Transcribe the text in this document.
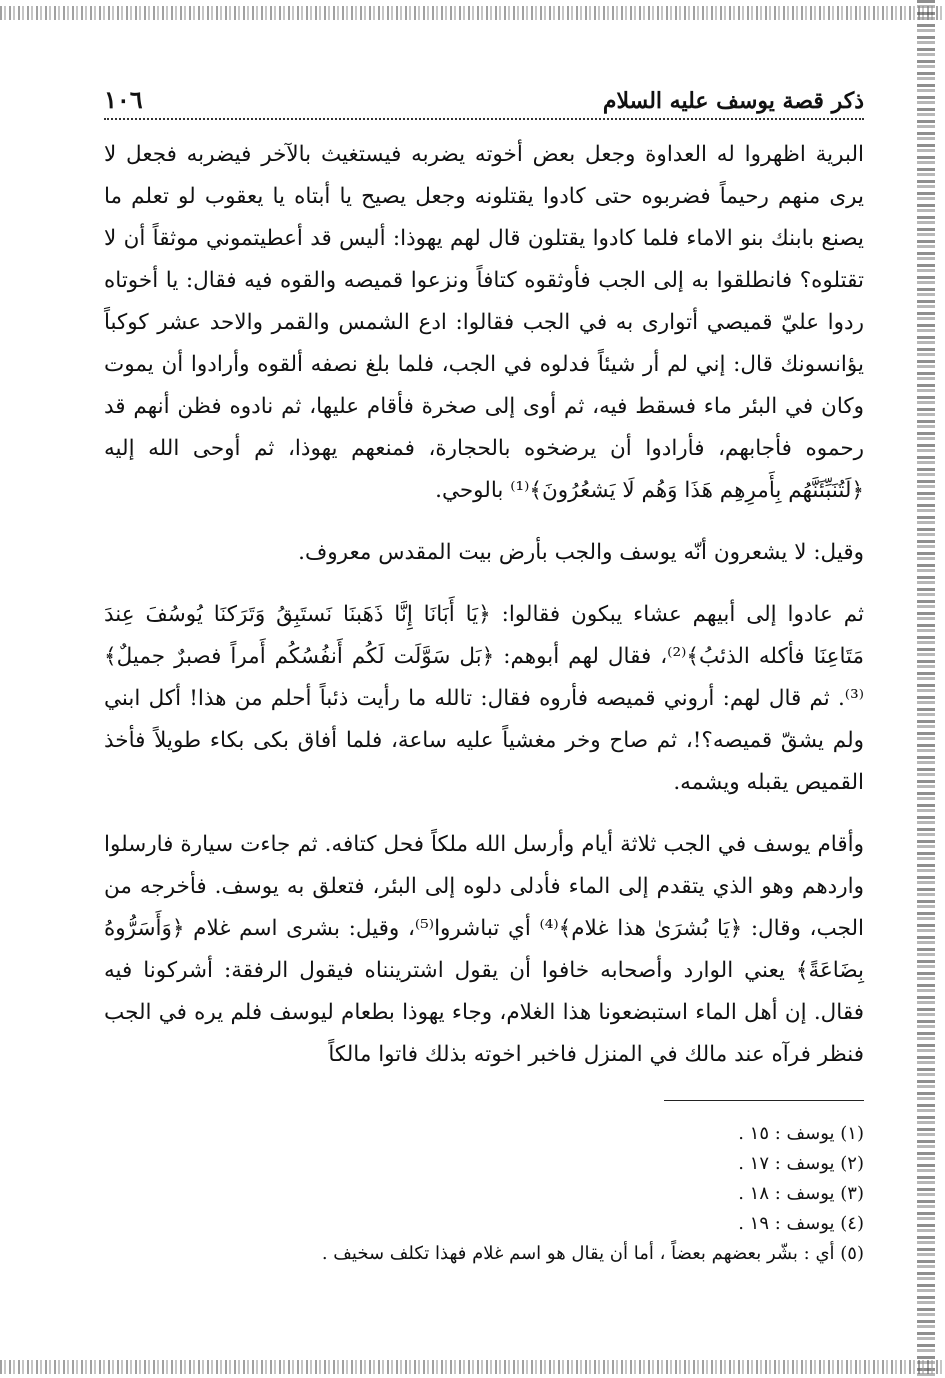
ذكر قصة يوسف عليه السلام
١٠٦

البرية اظهروا له العداوة وجعل بعض أخوته يضربه فيستغيث بالآخر فيضربه فجعل لا يرى منهم رحيماً فضربوه حتى كادوا يقتلونه وجعل يصيح يا أبتاه يا يعقوب لو تعلم ما يصنع بابنك بنو الاماء فلما كادوا يقتلون قال لهم يهوذا: أليس قد أعطيتموني موثقاً أن لا تقتلوه؟ فانطلقوا به إلى الجب فأوثقوه كتافاً ونزعوا قميصه والقوه فيه فقال: يا أخوتاه ردوا عليّ قميصي أتوارى به في الجب فقالوا: ادع الشمس والقمر والاحد عشر كوكباً يؤانسونك قال: إني لم أر شيئاً فدلوه في الجب، فلما بلغ نصفه ألقوه وأرادوا أن يموت وكان في البئر ماء فسقط فيه، ثم أوى إلى صخرة فأقام عليها، ثم نادوه فظن أنهم قد رحموه فأجابهم، فأرادوا أن يرضخوه بالحجارة، فمنعهم يهوذا، ثم أوحى الله إليه ﴿لَتُنَبِّئَنَّهُم بِأَمرِهِم هَذَا وَهُم لَا يَشعُرُونَ﴾⁽¹⁾ بالوحي.

وقيل: لا يشعرون أنّه يوسف والجب بأرض بيت المقدس معروف.

ثم عادوا إلى أبيهم عشاء يبكون فقالوا: ﴿يَا أَبَانَا إِنَّا ذَهَبنَا نَستَبِقُ وَتَرَكنَا يُوسُفَ عِندَ مَتَاعِنَا فأكله الذئبُ﴾⁽²⁾، فقال لهم أبوهم: ﴿بَل سَوَّلَت لَكُم أَنفُسُكُم أَمراً فصبرٌ جميلٌ﴾⁽³⁾. ثم قال لهم: أروني قميصه فأروه فقال: تالله ما رأيت ذئباً أحلم من هذا! أكل ابني ولم يشقّ قميصه؟!، ثم صاح وخر مغشياً عليه ساعة، فلما أفاق بكى بكاء طويلاً فأخذ القميص يقبله ويشمه.

وأقام يوسف في الجب ثلاثة أيام وأرسل الله ملكاً فحل كتافه. ثم جاءت سيارة فارسلوا واردهم وهو الذي يتقدم إلى الماء فأدلى دلوه إلى البئر، فتعلق به يوسف. فأخرجه من الجب، وقال: ﴿يَا بُشرَىٰ هذا غلام﴾⁽⁴⁾ أي تباشروا⁽⁵⁾، وقيل: بشرى اسم غلام ﴿وَأَسَرُّوهُ بِضَاعَةً﴾ يعني الوارد وأصحابه خافوا أن يقول اشترينناه فيقول الرفقة: أشركونا فيه فقال. إن أهل الماء استبضعونا هذا الغلام، وجاء يهوذا بطعام ليوسف فلم يره في الجب فنظر فرآه عند مالك في المنزل فاخبر اخوته بذلك فاتوا مالكاً

(١) يوسف : ١٥ .
(٢) يوسف : ١٧ .
(٣) يوسف : ١٨ .
(٤) يوسف : ١٩ .
(٥) أي : بشّر بعضهم بعضاً ، أما أن يقال هو اسم غلام فهذا تكلف سخيف .
